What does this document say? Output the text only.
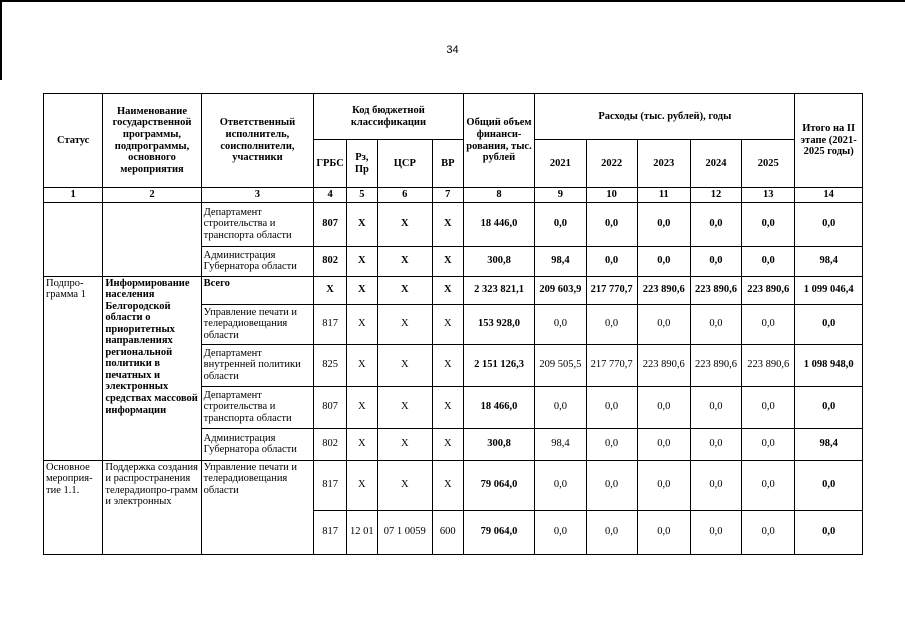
34
Статус	Наименование государственной программы, подпрограммы, основного мероприятия	Ответственный исполнитель, соисполнители, участники	Код бюджетной классификации				Общий объем финанси-рования, тыс. рублей	Расходы (тыс. рублей), годы					Итого на II этапе (2021-2025 годы)
			ГРБС	Рз, Пр	ЦСР	ВР		2021	2022	2023	2024	2025	
1	2	3	4	5	6	7	8	9	10	11	12	13	14
		Департамент строительства и транспорта области	807	Х	Х	Х	18 446,0	0,0	0,0	0,0	0,0	0,0	0,0
		Администрация Губернатора области	802	Х	Х	Х	300,8	98,4	0,0	0,0	0,0	0,0	98,4
Подпро-грамма 1	Информирование населения Белгородской области о приоритетных направлениях региональной политики в печатных и электронных средствах массовой информации	Всего	Х	Х	Х	Х	2 323 821,1	209 603,9	217 770,7	223 890,6	223 890,6	223 890,6	1 099 046,4
		Управление печати и телерадиовещания области	817	Х	Х	Х	153 928,0	0,0	0,0	0,0	0,0	0,0	0,0
		Департамент внутренней политики области	825	Х	Х	Х	2 151 126,3	209 505,5	217 770,7	223 890,6	223 890,6	223 890,6	1 098 948,0
		Департамент строительства и транспорта области	807	Х	Х	Х	18 466,0	0,0	0,0	0,0	0,0	0,0	0,0
		Администрация Губернатора области	802	Х	Х	Х	300,8	98,4	0,0	0,0	0,0	0,0	98,4
Основное мероприя-тие 1.1.	Поддержка создания и распространения телерадиопро-грамм и электронных	Управление печати и телерадиовещания области	817	Х	Х	Х	79 064,0	0,0	0,0	0,0	0,0	0,0	0,0
			817	12 01	07 1 0059	600	79 064,0	0,0	0,0	0,0	0,0	0,0	0,0
